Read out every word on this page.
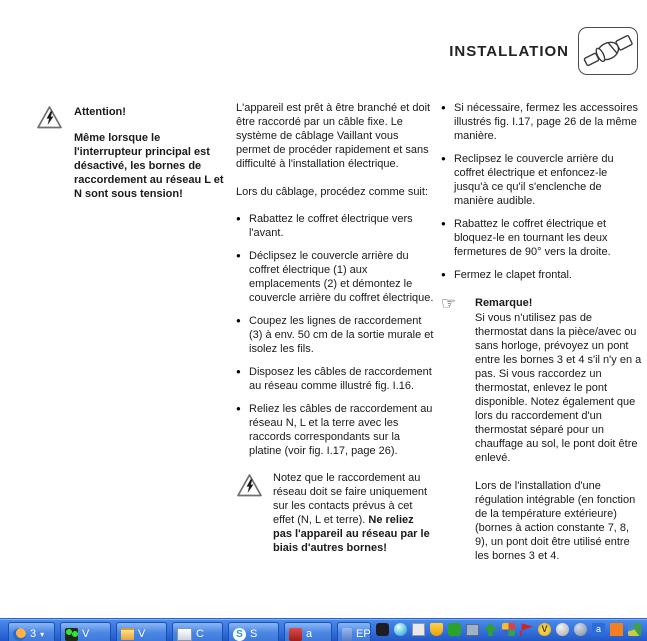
INSTALLATION

Attention!

Même lorsque le l'interrupteur principal est désactivé, les bornes de raccordement au réseau L et N sont sous tension!

L'appareil est prêt à être branché et doit être raccordé par un câble fixe. Le système de câblage Vaillant vous permet de procéder rapidement et sans difficulté à l'installation électrique.

Lors du câblage, procédez comme suit:

● Rabattez le coffret électrique vers l'avant.
● Déclipsez le couvercle arrière du coffret électrique (1) aux emplacements (2) et démontez le couvercle arrière du coffret électrique.
● Coupez les lignes de raccordement (3) à env. 50 cm de la sortie murale et isolez les fils.
● Disposez les câbles de raccordement au réseau comme illustré fig. I.16.
● Reliez les câbles de raccordement au réseau N, L et la terre avec les raccords correspondants sur la platine (voir fig. I.17, page 26).

Notez que le raccordement au réseau doit se faire uniquement sur les contacts prévus à cet effet (N, L et terre). Ne reliez pas l'appareil au réseau par le biais d'autres bornes!

● Si nécessaire, fermez les accessoires illustrés fig. I.17, page 26 de la même manière.
● Reclipsez le couvercle arrière du coffret électrique et enfoncez-le jusqu'à ce qu'il s'enclenche de manière audible.
● Rabattez le coffret électrique et bloquez-le en tournant les deux fermetures de 90° vers la droite.
● Fermez le clapet frontal.
☞	Remarque!

Si vous n'utilisez pas de thermostat dans la pièce/avec ou sans horloge, prévoyez un pont entre les bornes 3 et 4 s'il n'y en a pas. Si vous raccordez un thermostat, enlevez le pont disponible. Notez également que lors du raccordement d'un thermostat séparé pour un chauffage au sol, le pont doit être enlevé.

Lors de l'installation d'une régulation intégrable (en fonction de la température extérieure) (bornes à action constante 7, 8, 9), un pont doit être utilisé entre les bornes 3 et 4.

3 ▾	V	V	C S	S	a	EP
V
a
